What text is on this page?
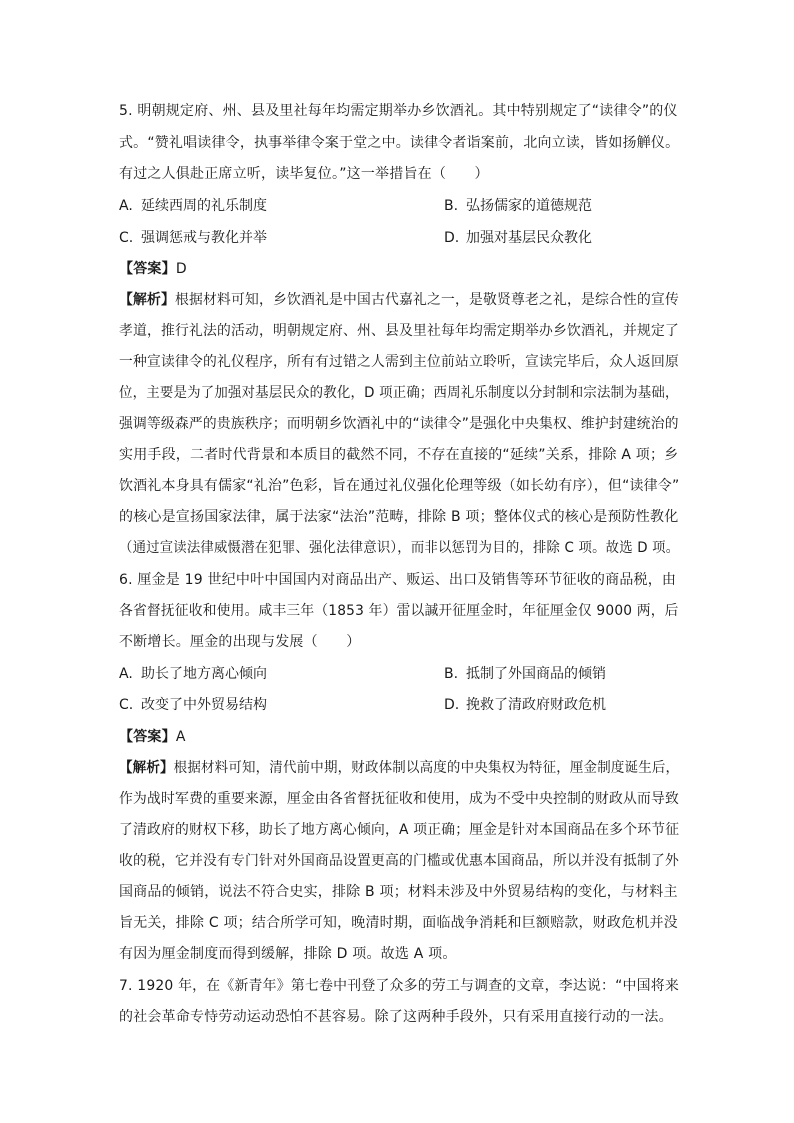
5. 明朝规定府、州、县及里社每年均需定期举办乡饮酒礼。其中特别规定了“读律令”的仪
式。“赞礼唱读律令，执事举律令案于堂之中。读律令者诣案前，北向立读，皆如扬觯仪。
有过之人俱赴正席立听，读毕复位。”这一举措旨在（　　）
A. 延续西周的礼乐制度	B. 弘扬儒家的道德规范
C. 强调惩戒与教化并举	D. 加强对基层民众教化
【答案】D
【解析】根据材料可知，乡饮酒礼是中国古代嘉礼之一，是敬贤尊老之礼，是综合性的宣传
孝道，推行礼法的活动，明朝规定府、州、县及里社每年均需定期举办乡饮酒礼，并规定了
一种宣读律令的礼仪程序，所有有过错之人需到主位前站立聆听，宣读完毕后，众人返回原
位，主要是为了加强对基层民众的教化，D 项正确；西周礼乐制度以分封制和宗法制为基础，
强调等级森严的贵族秩序；而明朝乡饮酒礼中的“读律令”是强化中央集权、维护封建统治的
实用手段，二者时代背景和本质目的截然不同，不存在直接的“延续”关系，排除 A 项；乡
饮酒礼本身具有儒家“礼治”色彩，旨在通过礼仪强化伦理等级（如长幼有序），但“读律令”
的核心是宣扬国家法律，属于法家“法治”范畴，排除 B 项；整体仪式的核心是预防性教化
（通过宣读法律威慑潜在犯罪、强化法律意识），而非以惩罚为目的，排除 C 项。故选 D 项。
6. 厘金是 19 世纪中叶中国国内对商品出产、贩运、出口及销售等环节征收的商品税，由
各省督抚征收和使用。咸丰三年（1853 年）雷以諴开征厘金时，年征厘金仅 9000 两，后
不断增长。厘金的出现与发展（　　）
A. 助长了地方离心倾向	B. 抵制了外国商品的倾销
C. 改变了中外贸易结构	D. 挽救了清政府财政危机
【答案】A
【解析】根据材料可知，清代前中期，财政体制以高度的中央集权为特征，厘金制度诞生后，
作为战时军费的重要来源，厘金由各省督抚征收和使用，成为不受中央控制的财政从而导致
了清政府的财权下移，助长了地方离心倾向，A 项正确；厘金是针对本国商品在多个环节征
收的税，它并没有专门针对外国商品设置更高的门槛或优惠本国商品，所以并没有抵制了外
国商品的倾销，说法不符合史实，排除 B 项；材料未涉及中外贸易结构的变化，与材料主
旨无关，排除 C 项；结合所学可知，晚清时期，面临战争消耗和巨额赔款，财政危机并没
有因为厘金制度而得到缓解，排除 D 项。故选 A 项。
7. 1920 年，在《新青年》第七卷中刊登了众多的劳工与调查的文章，李达说：“中国将来
的社会革命专恃劳动运动恐怕不甚容易。除了这两种手段外，只有采用直接行动的一法。
